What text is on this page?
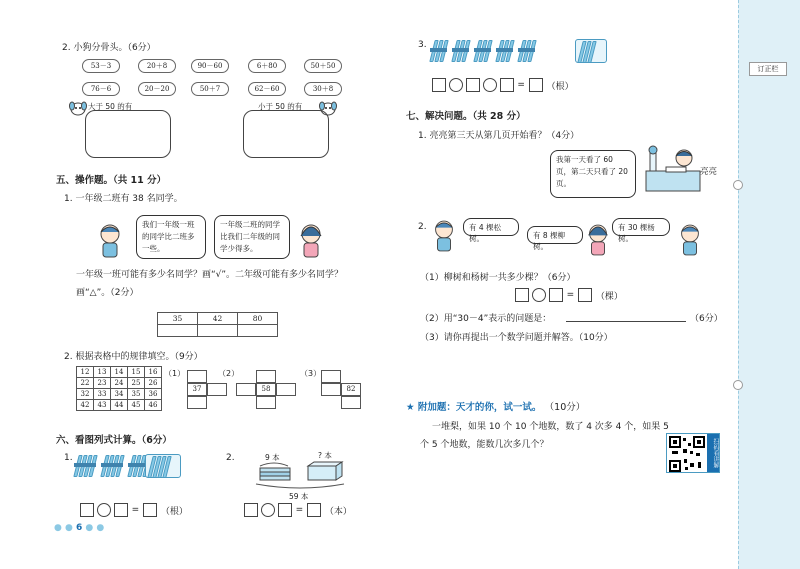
2. 小狗分骨头。（6分）
53－3	20＋8	90－60	6＋80	50＋50
76－6	20－20	50＋7	62－60	30＋8
大于 50 的有	小于 50 的有
五、操作题。（共 11 分）
1. 一年级二班有 38 名同学。
我们一年级一班的同学比二班多一些。
一年级二班的同学比我们二年级的同学少得多。
一年级一班可能有多少名同学？画“√”。二年级可能有多少名同学？画“△”。（2分）
35	42	80

2. 根据表格中的规律填空。（9分）
12	13	14	15	16
22	23	24	25	26
32	33	34	35	36
42	43	44	45	46
（1）
37
（2）
58
（3）
82
六、看图列式计算。（6分）
1.

= （根）
2.	9 本	? 本
59 本
= （本）
● ● 6 ● ●
3.

= （根）
七、解决问题。（共 28 分）
1. 亮亮第三天从第几页开始看？（4分）
我第一天看了 60 页，第二天只看了 20 页。
亮亮
2.	有 4 棵松树。	有 8 棵柳树。
有 30 棵杨树。
（1）柳树和杨树一共多少棵？（6分）
= （棵）
（2）用“30－4”表示的问题是：	（6分）
（3）请你再提出一个数学问题并解答。（10分）
★ 附加题：天才的你，试一试。 （10分）
一堆梨，如果 10 个 10 个地数，数了 4 次多 4 个，如果 5 个 5 个地数，能数几次多几个？	扫码看讲解
订正栏
